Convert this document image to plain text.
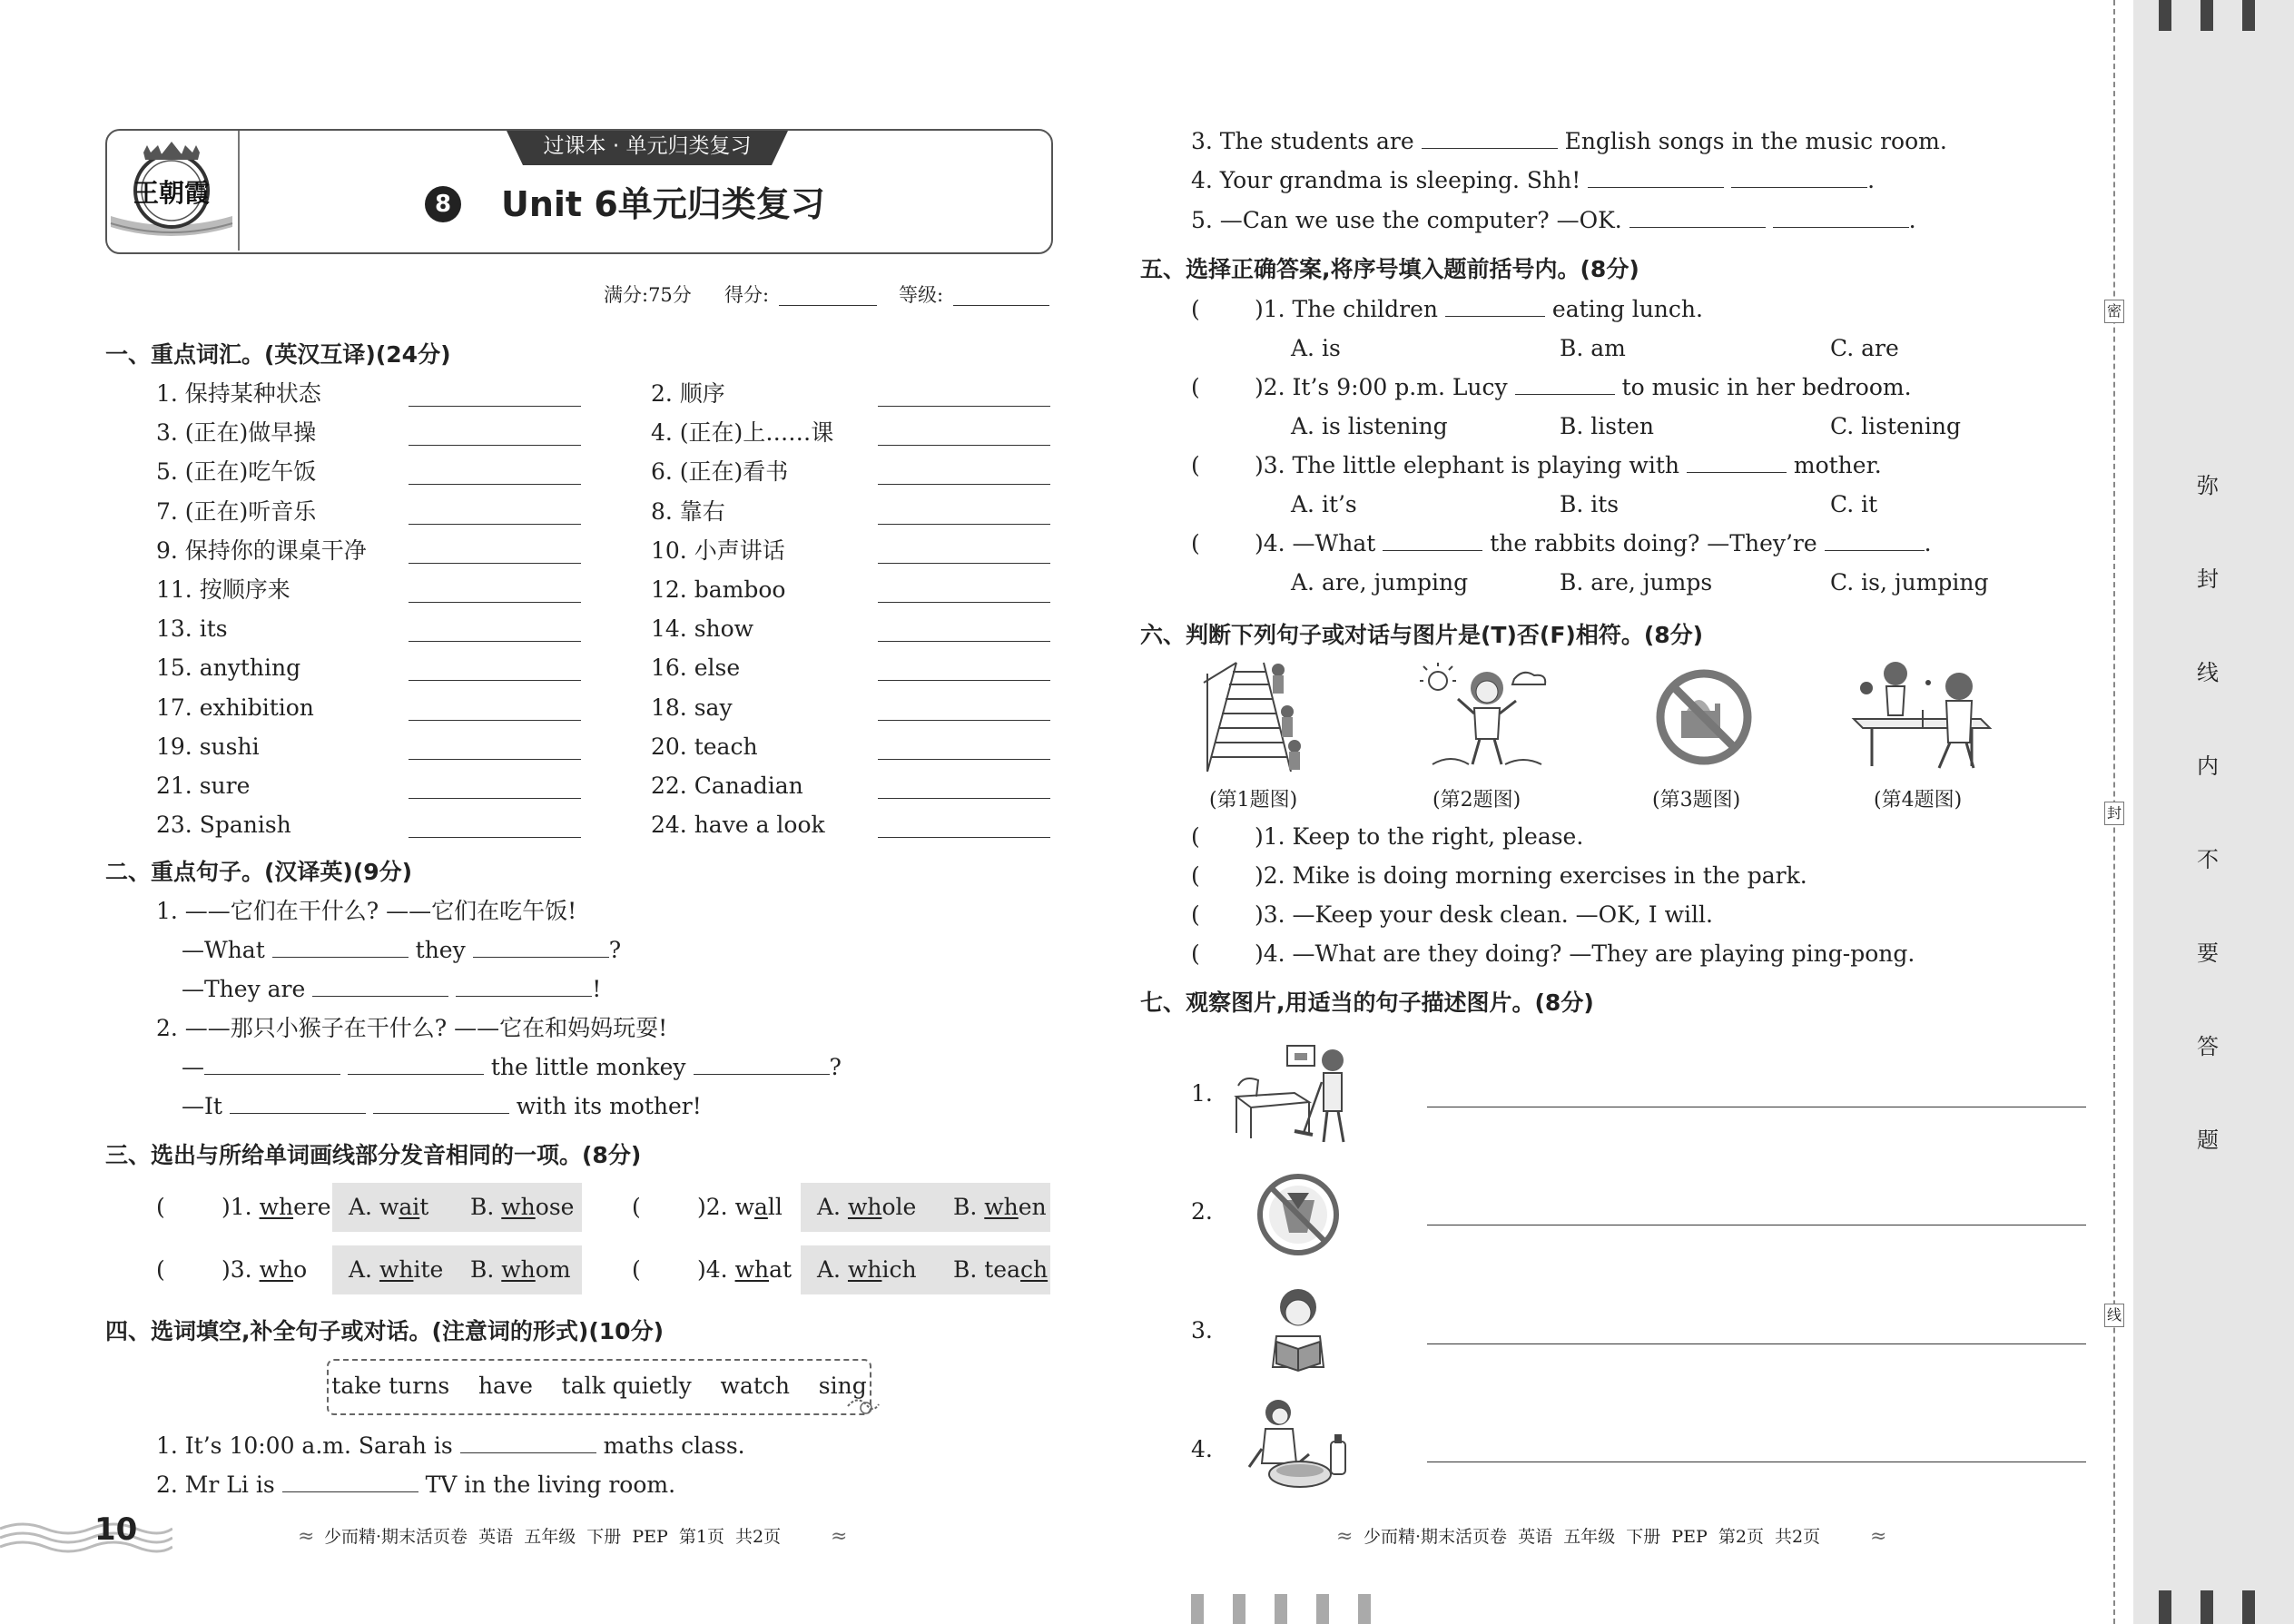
王朝霞
过课本 · 单元归类复习
8 Unit 6单元归类复习
满分:75分 得分:	等级:
一、重点词汇。(英汉互译)(24分)
1. 保持某种状态	2. 顺序
3. (正在)做早操	4. (正在)上……课
5. (正在)吃午饭	6. (正在)看书
7. (正在)听音乐	8. 靠右
9. 保持你的课桌干净	10. 小声讲话
11. 按顺序来	12. bamboo
13. its	14. show
15. anything	16. else
17. exhibition	18. say
19. sushi	20. teach
21. sure	22. Canadian
23. Spanish	24. have a look
二、重点句子。(汉译英)(9分)
1. ——它们在干什么? ——它们在吃午饭!
—What	they	?
—They are	!
2. ——那只小猴子在干什么? ——它在和妈妈玩耍!
—	the little monkey	?
—It	with its mother!
三、选出与所给单词画线部分发音相同的一项。(8分)
( )1. where A. wait B. whose	( )2. wall A. whole B. when
( )3. who A. white B. whom	( )4. what A. which B. teach
四、选词填空,补全句子或对话。(注意词的形式)(10分)
take turns    have    talk quietly    watch    sing
1. It’s 10:00 a.m. Sarah is	maths class.
2. Mr Li is	TV in the living room.
10	≈ 少而精·期末活页卷  英语  五年级  下册  PEP  第1页  共2页 ≈
3. The students are	English songs in the music room.
4. Your grandma is sleeping. Shh!	.
5. —Can we use the computer? —OK.	.
五、选择正确答案,将序号填入题前括号内。(8分)
( )1. The children	eating lunch.
A. is	B. am	C. are
( )2. It’s 9:00 p.m. Lucy	to music in her bedroom.
A. is listening	B. listen	C. listening
( )3. The little elephant is playing with	mother.
A. it’s	B. its	C. it
( )4. —What	the rabbits doing? —They’re	.
A. are, jumping	B. are, jumps	C. is, jumping
六、判断下列句子或对话与图片是(T)否(F)相符。(8分)
(第1题图)	(第2题图)	(第3题图)	(第4题图)
( )1. Keep to the right, please.
( )2. Mike is doing morning exercises in the park.
( )3. —Keep your desk clean. —OK, I will.
( )4. —What are they doing? —They are playing ping-pong.
七、观察图片,用适当的句子描述图片。(8分)
1.
2.
3.
4.
≈ 少而精·期末活页卷  英语  五年级  下册  PEP  第2页  共2页 ≈
密
封
线
弥
封
线
内
不
要
答
题
